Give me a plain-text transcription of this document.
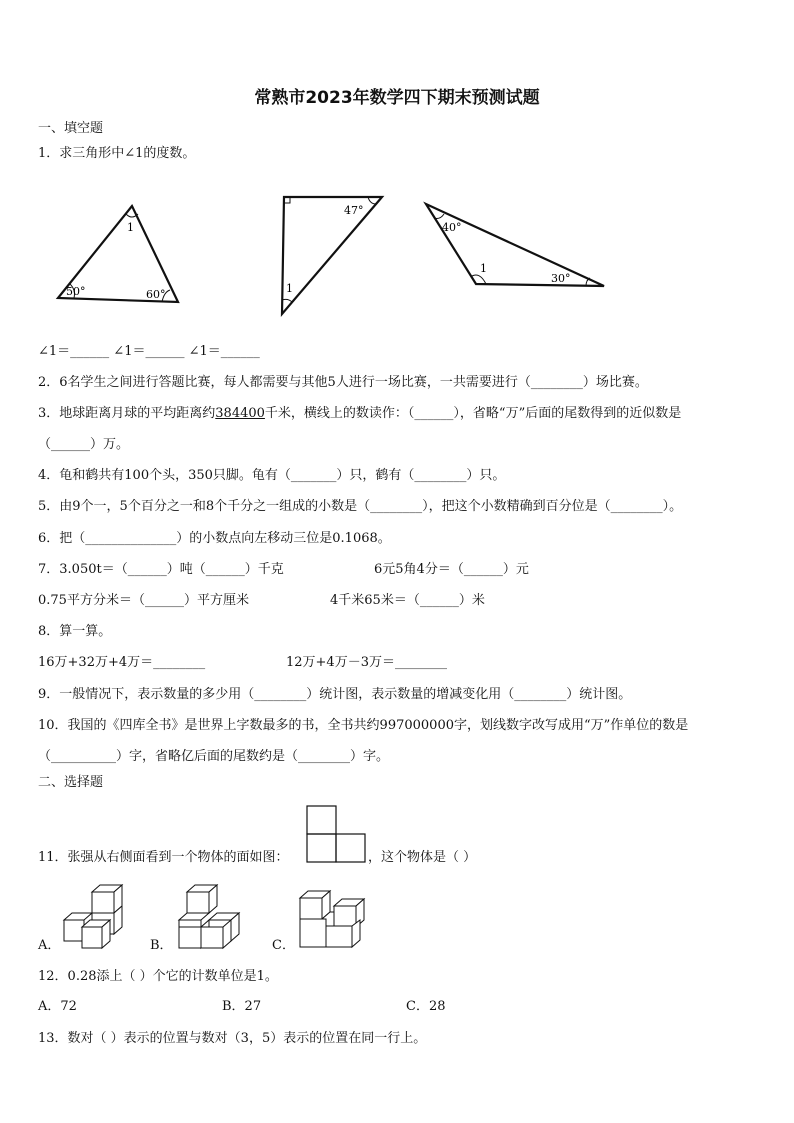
常熟市2023年数学四下期末预测试题
一、填空题
1．求三角形中∠1的度数。
1
50°	60°
47°
1
40°
1
30°
∠1＝______ ∠1＝______ ∠1＝______
2．6名学生之间进行答题比赛，每人都需要与其他5人进行一场比赛，一共需要进行（________）场比赛。
3．地球距离月球的平均距离约384400千米，横线上的数读作：（______），省略“万”后面的尾数得到的近似数是
（______）万。
4．龟和鹤共有100个头，350只脚。龟有（_______）只，鹤有（________）只。
5．由9个一，5个百分之一和8个千分之一组成的小数是（________），把这个小数精确到百分位是（________）。
6．把（______________）的小数点向左移动三位是0.1068。
7．3.050t＝（______）吨（______）千克	6元5角4分＝（______）元
0.75平方分米＝（______）平方厘米	4千米65米＝（______）米
8．算一算。
16万+32万+4万＝________	12万+4万－3万＝________
9．一般情况下，表示数量的多少用（________）统计图，表示数量的增减变化用（________）统计图。
10．我国的《四库全书》是世界上字数最多的书，全书共约997000000字，划线数字改写成用“万”作单位的数是
（__________）字，省略亿后面的尾数约是（________）字。
二、选择题
11．张强从右侧面看到一个物体的面如图：	，这个物体是（ ）
A．	B．	C．
12．0.28添上（ ）个它的计数单位是1。
A．72	B．27	C．28
13．数对（ ）表示的位置与数对（3，5）表示的位置在同一行上。
